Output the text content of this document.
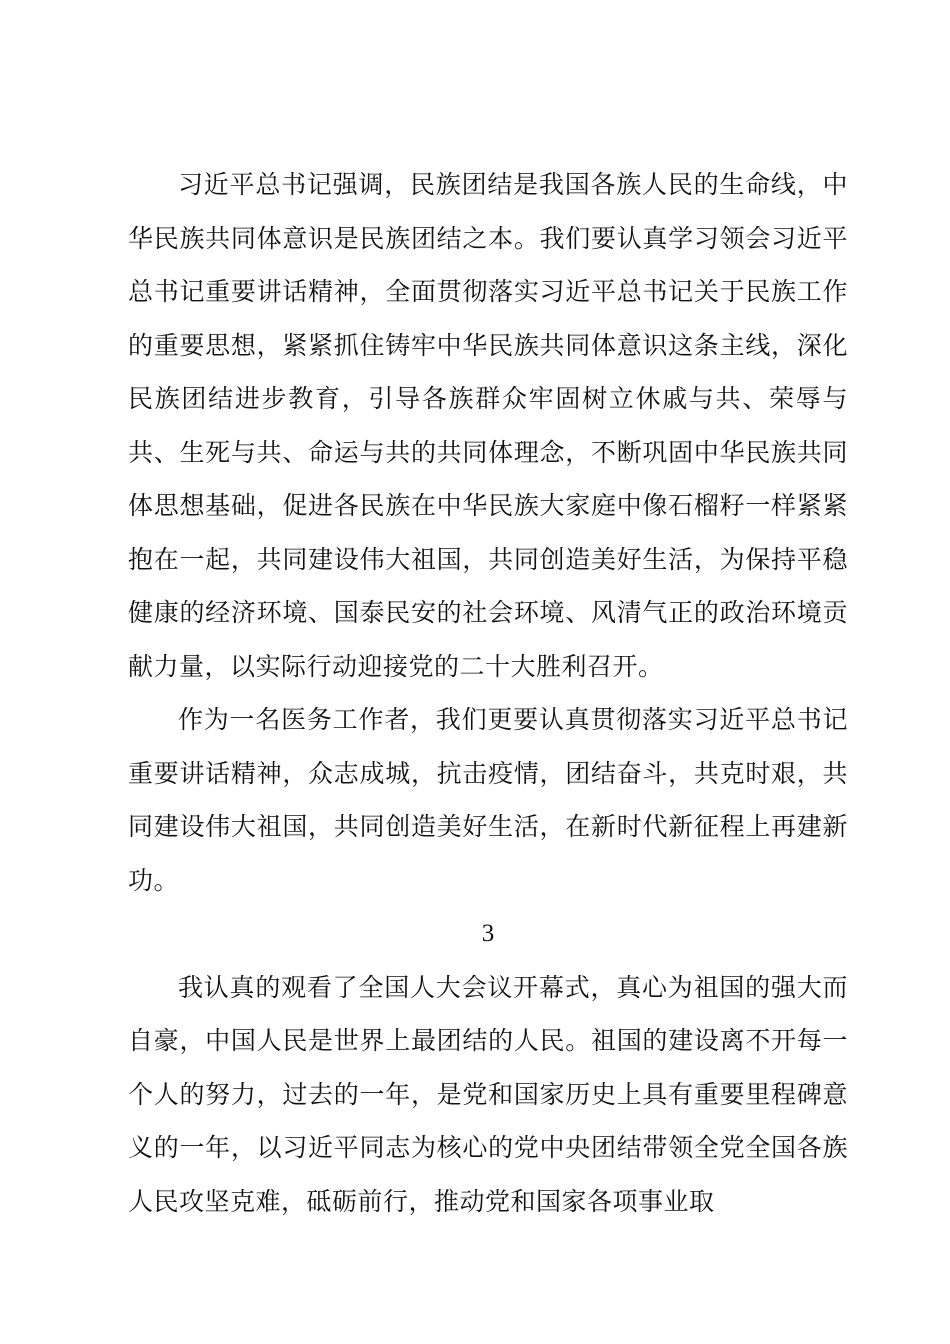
习近平总书记强调，民族团结是我国各族人民的生命线，中华民族共同体意识是民族团结之本。我们要认真学习领会习近平总书记重要讲话精神，全面贯彻落实习近平总书记关于民族工作的重要思想，紧紧抓住铸牢中华民族共同体意识这条主线，深化民族团结进步教育，引导各族群众牢固树立休戚与共、荣辱与共、生死与共、命运与共的共同体理念，不断巩固中华民族共同体思想基础，促进各民族在中华民族大家庭中像石榴籽一样紧紧抱在一起，共同建设伟大祖国，共同创造美好生活，为保持平稳健康的经济环境、国泰民安的社会环境、风清气正的政治环境贡献力量，以实际行动迎接党的二十大胜利召开。

作为一名医务工作者，我们更要认真贯彻落实习近平总书记重要讲话精神，众志成城，抗击疫情，团结奋斗，共克时艰，共同建设伟大祖国，共同创造美好生活，在新时代新征程上再建新功。

3

我认真的观看了全国人大会议开幕式，真心为祖国的强大而自豪，中国人民是世界上最团结的人民。祖国的建设离不开每一个人的努力，过去的一年，是党和国家历史上具有重要里程碑意义的一年，以习近平同志为核心的党中央团结带领全党全国各族人民攻坚克难，砥砺前行，推动党和国家各项事业取
